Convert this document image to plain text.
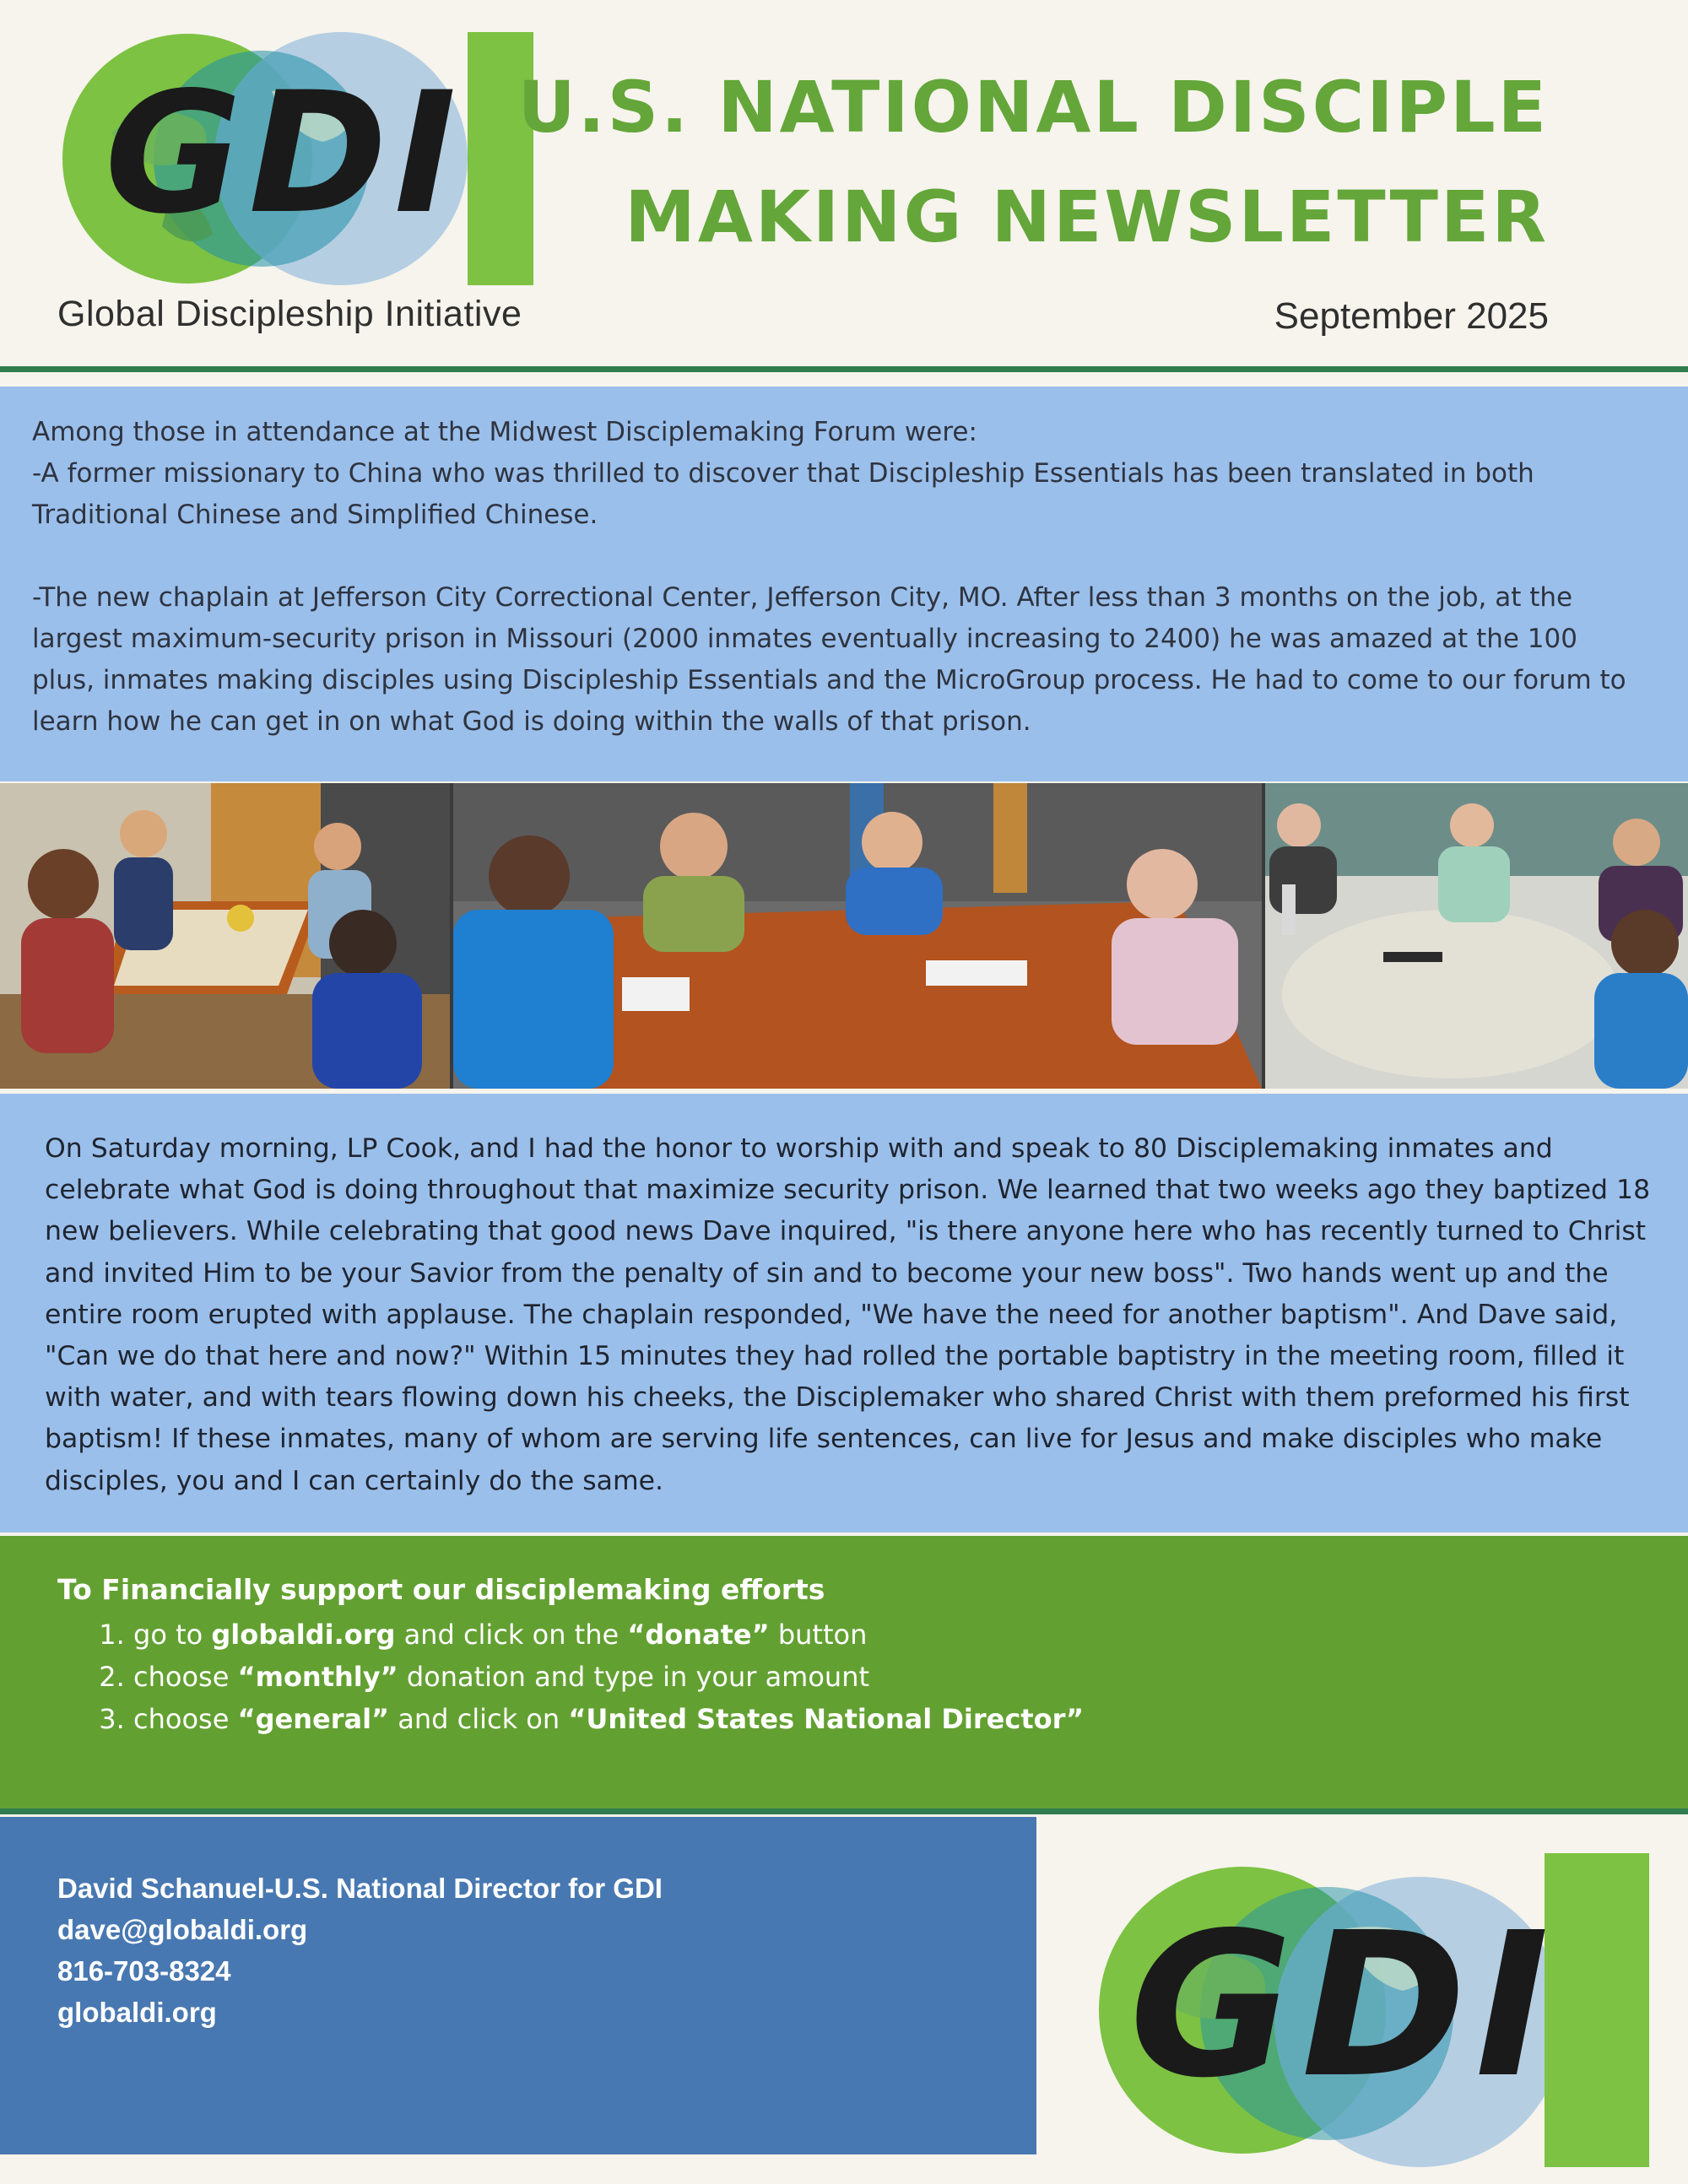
GDI
Global Discipleship Initiative
U.S. NATIONAL DISCIPLE
MAKING NEWSLETTER
September 2025

Among those in attendance at the Midwest Disciplemaking Forum were:
-A former missionary to China who was thrilled to discover that Discipleship Essentials has been translated in both Traditional Chinese and Simplified Chinese.

-The new chaplain at Jefferson City Correctional Center, Jefferson City, MO. After less than 3 months on the job, at the largest maximum-security prison in Missouri (2000 inmates eventually increasing to 2400) he was amazed at the 100 plus, inmates making disciples using Discipleship Essentials and the MicroGroup process. He had to come to our forum to learn how he can get in on what God is doing within the walls of that prison.

On Saturday morning, LP Cook, and I had the honor to worship with and speak to 80 Disciplemaking inmates and celebrate what God is doing throughout that maximize security prison. We learned that two weeks ago they baptized 18 new believers. While celebrating that good news Dave inquired, "is there anyone here who has recently turned to Christ and invited Him to be your Savior from the penalty of sin and to become your new boss". Two hands went up and the entire room erupted with applause. The chaplain responded, "We have the need for another baptism". And Dave said, "Can we do that here and now?" Within 15 minutes they had rolled the portable baptistry in the meeting room, filled it with water, and with tears flowing down his cheeks, the Disciplemaker who shared Christ with them preformed his first baptism! If these inmates, many of whom are serving life sentences, can live for Jesus and make disciples who make disciples, you and I can certainly do the same.

To Financially support our disciplemaking efforts
1. go to globaldi.org and click on the “donate” button
2. choose “monthly” donation and type in your amount
3. choose “general” and click on “United States National Director”
David Schanuel-U.S. National Director for GDI
dave@globaldi.org
816-703-8324
globaldi.org	GDI
